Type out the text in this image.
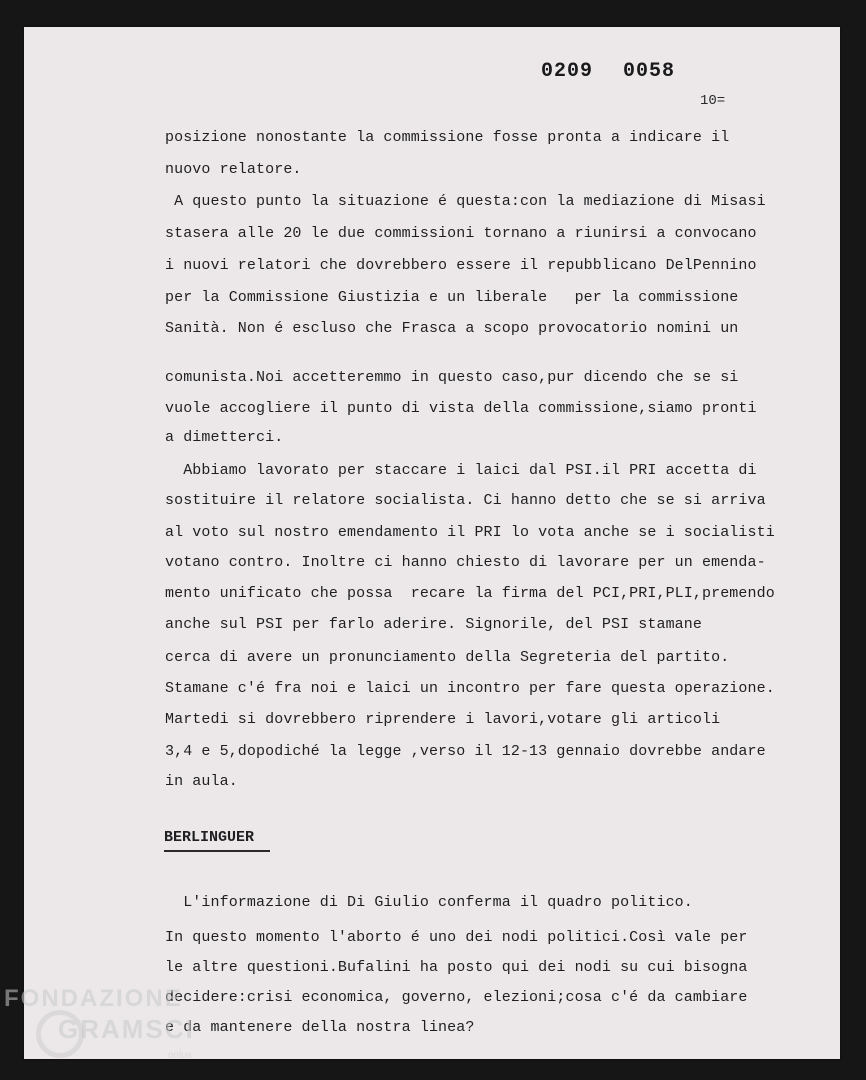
0209 0058
10=
posizione nonostante la commissione fosse pronta a indicare il
nuovo relatore.
A questo punto la situazione é questa:con la mediazione di Misasi
stasera alle 20 le due commissioni tornano a riunirsi a convocano
i nuovi relatori che dovrebbero essere il repubblicano DelPennino
per la Commissione Giustizia e un liberale   per la commissione
Sanità. Non é escluso che Frasca a scopo provocatorio nomini un
comunista.Noi accetteremmo in questo caso,pur dicendo che se si
vuole accogliere il punto di vista della commissione,siamo pronti
a dimetterci.
Abbiamo lavorato per staccare i laici dal PSI.il PRI accetta di
sostituire il relatore socialista. Ci hanno detto che se si arriva
al voto sul nostro emendamento il PRI lo vota anche se i socialisti
votano contro. Inoltre ci hanno chiesto di lavorare per un emenda-
mento unificato che possa  recare la firma del PCI,PRI,PLI,premendo
anche sul PSI per farlo aderire. Signorile, del PSI stamane
cerca di avere un pronunciamento della Segreteria del partito.
Stamane c'é fra noi e laici un incontro per fare questa operazione.
Martedi si dovrebbero riprendere i lavori,votare gli articoli
3,4 e 5,dopodiché la legge ,verso il 12-13 gennaio dovrebbe andare
in aula.
BERLINGUER
L'informazione di Di Giulio conferma il quadro politico.
In questo momento l'aborto é uno dei nodi politici.Così vale per
le altre questioni.Bufalini ha posto qui dei nodi su cui bisogna
decidere:crisi economica, governo, elezioni;cosa c'é da cambiare
e da mantenere della nostra linea?
FONDAZIONE
GRAMSCI
onlus
